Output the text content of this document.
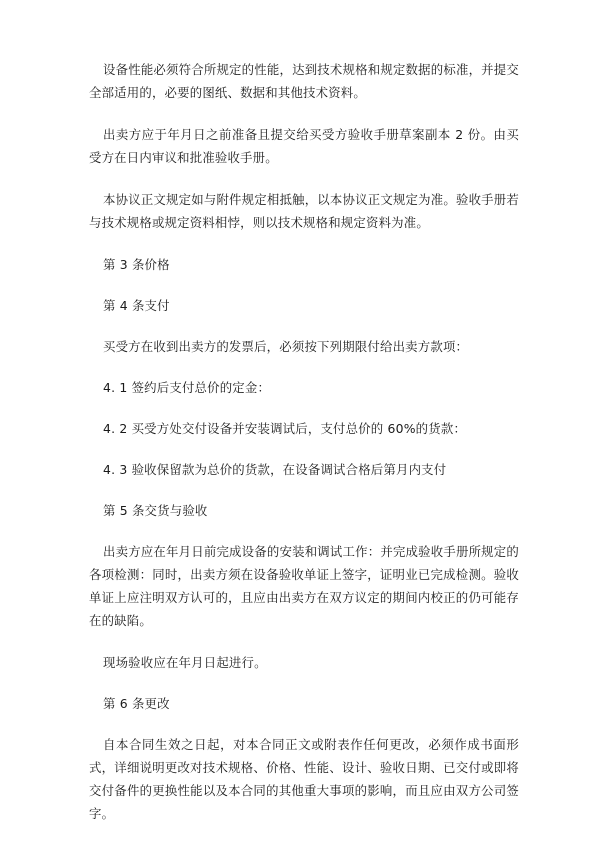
设备性能必须符合所规定的性能，达到技术规格和规定数据的标准，并提交全部适用的，必要的图纸、数据和其他技术资料。

出卖方应于年月日之前准备且提交给买受方验收手册草案副本 2 份。由买受方在日内审议和批准验收手册。

本协议正文规定如与附件规定相抵触，以本协议正文规定为准。验收手册若与技术规格或规定资料相悖，则以技术规格和规定资料为准。

第 3 条价格

第 4 条支付

买受方在收到出卖方的发票后，必须按下列期限付给出卖方款项：

4. 1 签约后支付总价的定金：

4. 2 买受方处交付设备并安装调试后，支付总价的 60%的货款：

4. 3 验收保留款为总价的货款，在设备调试合格后第月内支付

第 5 条交货与验收

出卖方应在年月日前完成设备的安装和调试工作：并完成验收手册所规定的各项检测：同时，出卖方须在设备验收单证上签字，证明业已完成检测。验收单证上应注明双方认可的，且应由出卖方在双方议定的期间内校正的仍可能存在的缺陷。

现场验收应在年月日起进行。

第 6 条更改

自本合同生效之日起，对本合同正文或附表作任何更改，必须作成书面形式，详细说明更改对技术规格、价格、性能、设计、验收日期、已交付或即将交付备件的更换性能以及本合同的其他重大事项的影响，而且应由双方公司签字。
